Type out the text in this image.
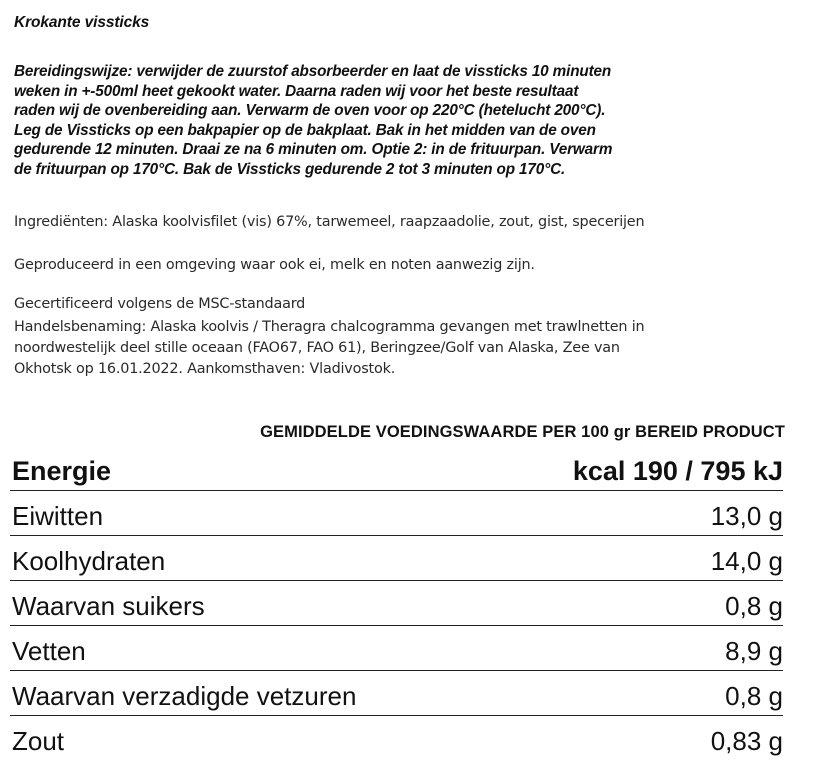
Krokante vissticks
Bereidingswijze: verwijder de zuurstof absorbeerder en laat de vissticks 10 minuten
weken in +-500ml heet gekookt water. Daarna raden wij voor het beste resultaat
raden wij de ovenbereiding aan. Verwarm de oven voor op 220°C (hetelucht 200°C).
Leg de Vissticks op een bakpapier op de bakplaat. Bak in het midden van de oven
gedurende 12 minuten. Draai ze na 6 minuten om. Optie 2: in de frituurpan. Verwarm
de frituurpan op 170°C. Bak de Vissticks gedurende 2 tot 3 minuten op 170°C.
Ingrediënten: Alaska koolvisfilet (vis) 67%, tarwemeel, raapzaadolie, zout, gist, specerijen
Geproduceerd in een omgeving waar ook ei, melk en noten aanwezig zijn.
Gecertificeerd volgens de MSC-standaard
Handelsbenaming: Alaska koolvis / Theragra chalcogramma gevangen met trawlnetten in
noordwestelijk deel stille oceaan (FAO67, FAO 61), Beringzee/Golf van Alaska, Zee van
Okhotsk op 16.01.2022. Aankomsthaven: Vladivostok.
GEMIDDELDE VOEDINGSWAARDE PER 100 gr BEREID PRODUCT
Energie	kcal 190 / 795 kJ
Eiwitten	13,0 g
Koolhydraten	14,0 g
Waarvan suikers	0,8 g
Vetten	8,9 g
Waarvan verzadigde vetzuren	0,8 g
Zout	0,83 g
